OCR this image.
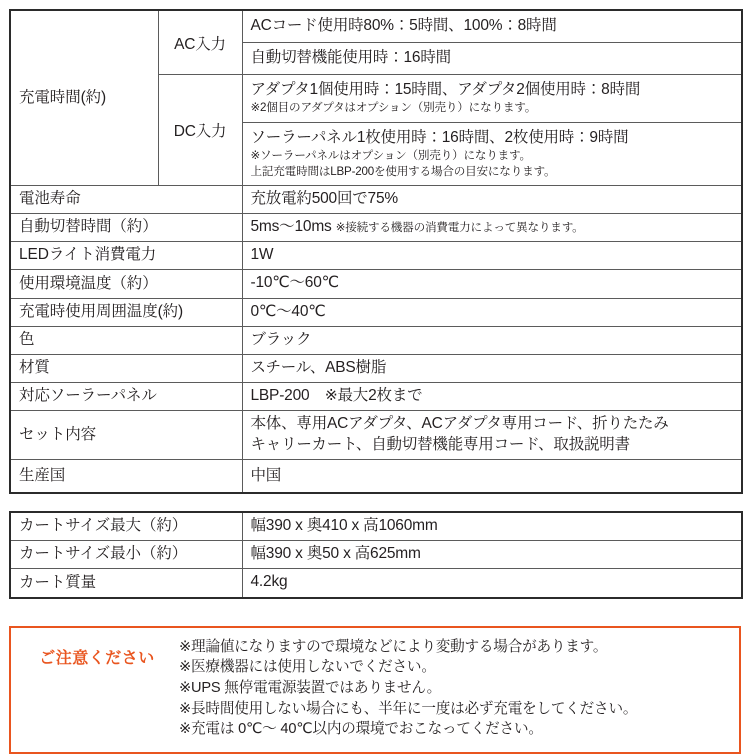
充電時間(約)	AC入力	ACコード使用時80%：5時間、100%：8時間

		自動切替機能使用時：16時間

	DC入力	アダプタ1個使用時：15時間、アダプタ2個使用時：8時間
※2個目のアダプタはオプション（別売り）になります。

		ソーラーパネル1枚使用時：16時間、2枚使用時：9時間
※ソーラーパネルはオプション（別売り）になります。
上記充電時間はLBP-200を使用する場合の目安になります。

電池寿命		充放電約500回で75%

自動切替時間（約）		5ms〜10ms ※接続する機器の消費電力によって異なります。

LEDライト消費電力		1W

使用環境温度（約）		-10℃〜60℃

充電時使用周囲温度(約)		0℃〜40℃

色		ブラック

材質		スチール、ABS樹脂

対応ソーラーパネル		LBP-200　※最大2枚まで

セット内容		本体、専用ACアダプタ、ACアダプタ専用コード、折りたたみ
キャリーカート、自動切替機能専用コード、取扱説明書

生産国		中国
カートサイズ最大（約）	幅390 x 奥410 x 高1060mm

カートサイズ最小（約）	幅390 x 奥50 x 高625mm

カート質量	4.2kg
ご注意ください
※理論値になりますので環境などにより変動する場合があります。
※医療機器には使用しないでください。
※UPS 無停電電源装置ではありません。
※長時間使用しない場合にも、半年に一度は必ず充電をしてください。
※充電は 0℃〜 40℃以内の環境でおこなってください。
